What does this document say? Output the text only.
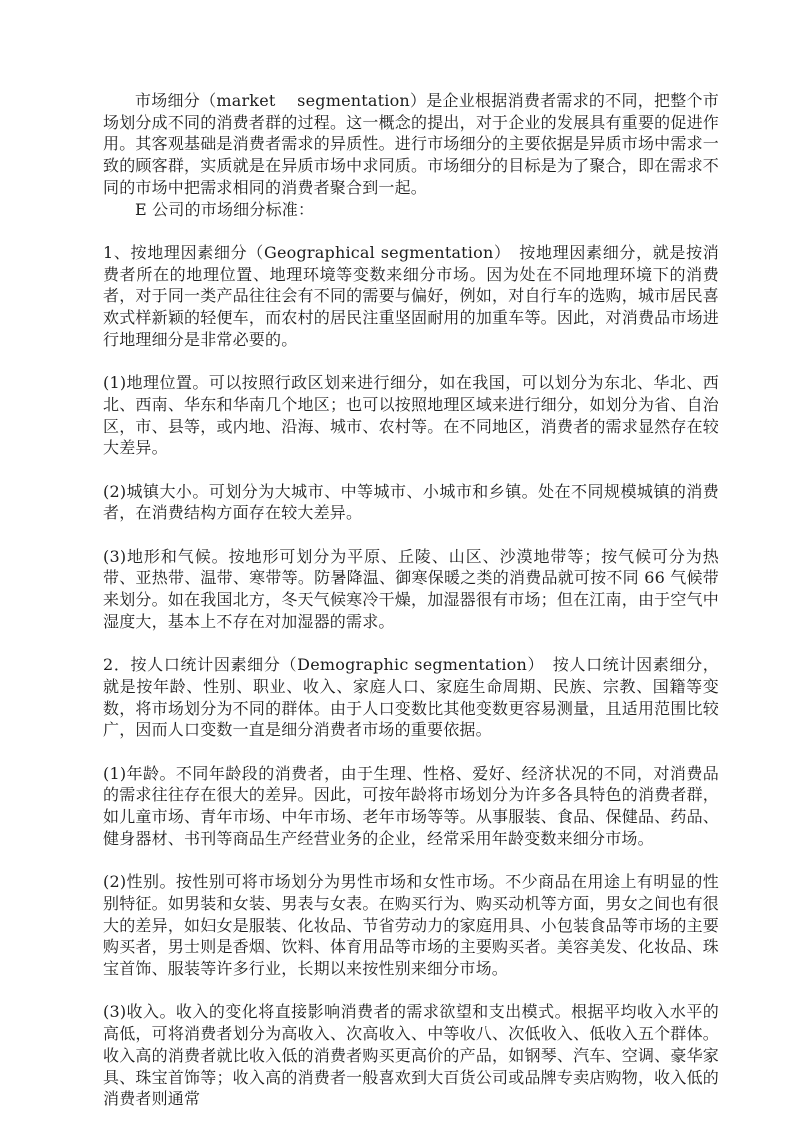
市场细分（market　 segmentation）是企业根据消费者需求的不同，把整个市场划分成不同的消费者群的过程。这一概念的提出，对于企业的发展具有重要的促进作用。其客观基础是消费者需求的异质性。进行市场细分的主要依据是异质市场中需求一致的顾客群，实质就是在异质市场中求同质。市场细分的目标是为了聚合，即在需求不同的市场中把需求相同的消费者聚合到一起。

E 公司的市场细分标准：

1、按地理因素细分（Geographical segmentation）　按地理因素细分，就是按消费者所在的地理位置、地理环境等变数来细分市场。因为处在不同地理环境下的消费者，对于同一类产品往往会有不同的需要与偏好，例如，对自行车的选购，城市居民喜欢式样新颖的轻便车，而农村的居民注重坚固耐用的加重车等。因此，对消费品市场进行地理细分是非常必要的。

(1)地理位置。可以按照行政区划来进行细分，如在我国，可以划分为东北、华北、西北、西南、华东和华南几个地区；也可以按照地理区域来进行细分，如划分为省、自治区，市、县等，或内地、沿海、城市、农村等。在不同地区，消费者的需求显然存在较大差异。

(2)城镇大小。可划分为大城市、中等城市、小城市和乡镇。处在不同规模城镇的消费者，在消费结构方面存在较大差异。

(3)地形和气候。按地形可划分为平原、丘陵、山区、沙漠地带等；按气候可分为热带、亚热带、温带、寒带等。防暑降温、御寒保暖之类的消费品就可按不同 66 气候带来划分。如在我国北方，冬天气候寒冷干燥，加湿器很有市场；但在江南，由于空气中湿度大，基本上不存在对加湿器的需求。

2．按人口统计因素细分（Demographic segmentation）　按人口统计因素细分，就是按年龄、性别、职业、收入、家庭人口、家庭生命周期、民族、宗教、国籍等变数，将市场划分为不同的群体。由于人口变数比其他变数更容易测量，且适用范围比较广，因而人口变数一直是细分消费者市场的重要依据。

(1)年龄。不同年龄段的消费者，由于生理、性格、爱好、经济状况的不同，对消费品的需求往往存在很大的差异。因此，可按年龄将市场划分为许多各具特色的消费者群，如儿童市场、青年市场、中年市场、老年市场等等。从事服装、食品、保健品、药品、健身器材、书刊等商品生产经营业务的企业，经常采用年龄变数来细分市场。

(2)性别。按性别可将市场划分为男性市场和女性市场。不少商品在用途上有明显的性别特征。如男装和女装、男表与女表。在购买行为、购买动机等方面，男女之间也有很大的差异，如妇女是服装、化妆品、节省劳动力的家庭用具、小包装食品等市场的主要购买者，男士则是香烟、饮料、体育用品等市场的主要购买者。美容美发、化妆品、珠宝首饰、服装等许多行业，长期以来按性别来细分市场。

(3)收入。收入的变化将直接影响消费者的需求欲望和支出模式。根据平均收入水平的高低，可将消费者划分为高收入、次高收入、中等收八、次低收入、低收入五个群体。收入高的消费者就比收入低的消费者购买更高价的产品，如钢琴、汽车、空调、豪华家具、珠宝首饰等；收入高的消费者一般喜欢到大百货公司或品牌专卖店购物，收入低的消费者则通常
